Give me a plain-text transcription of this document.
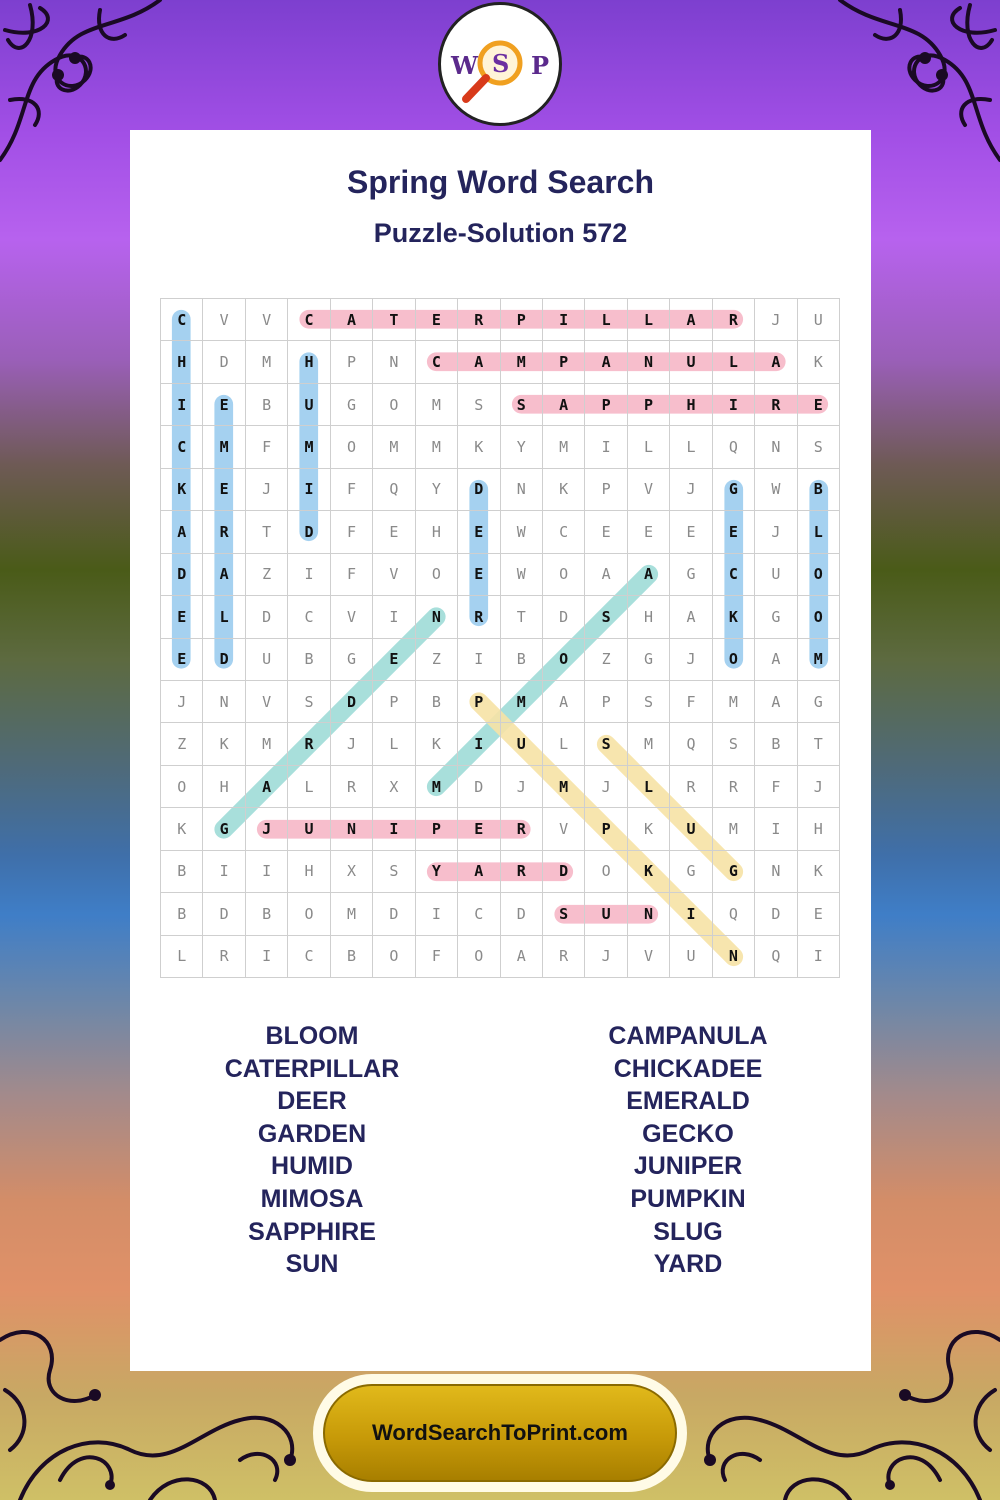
Spring Word Search
Puzzle-Solution 572
C	V	V	C	A	T	E	R	P	I	L	L	A	R	J	U
H	D	M	H	P	N	C	A	M	P	A	N	U	L	A	K
I	E	B	U	G	O	M	S	S	A	P	P	H	I	R	E
C	M	F	M	O	M	M	K	Y	M	I	L	L	Q	N	S
K	E	J	I	F	Q	Y	D	N	K	P	V	J	G	W	B
A	R	T	D	F	E	H	E	W	C	E	E	E	E	J	L
D	A	Z	I	F	V	O	E	W	O	A	A	G	C	U	O
E	L	D	C	V	I	N	R	T	D	S	H	A	K	G	O
E	D	U	B	G	E	Z	I	B	O	Z	G	J	O	A	M
J	N	V	S	D	P	B	P	M	A	P	S	F	M	A	G
Z	K	M	R	J	L	K	I	U	L	S	M	Q	S	B	T
O	H	A	L	R	X	M	D	J	M	J	L	R	R	F	J
K	G	J	U	N	I	P	E	R	V	P	K	U	M	I	H
B	I	I	H	X	S	Y	A	R	D	O	K	G	G	N	K
B	D	B	O	M	D	I	C	D	S	U	N	I	Q	D	E
L	R	I	C	B	O	F	O	A	R	J	V	U	N	Q	I
BLOOM
CATERPILLAR
DEER
GARDEN
HUMID
MIMOSA
SAPPHIRE
SUN
CAMPANULA
CHICKADEE
EMERALD
GECKO
JUNIPER
PUMPKIN
SLUG
YARD
W S P
WordSearchToPrint.com
